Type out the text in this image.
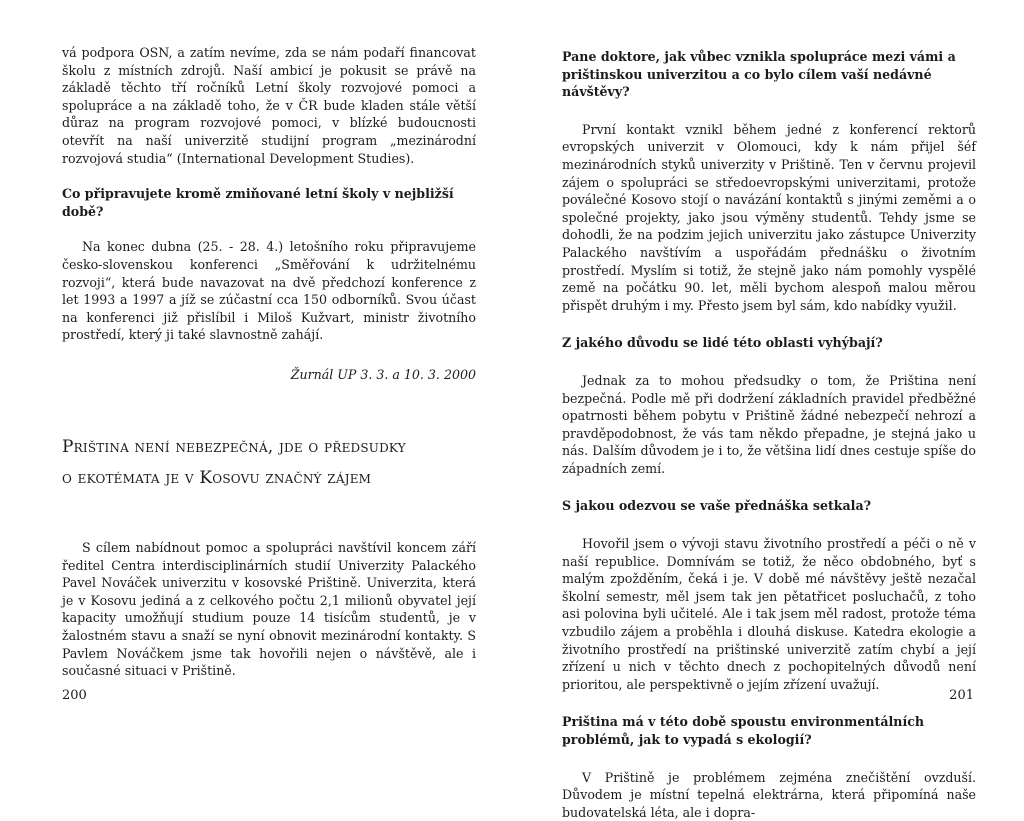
vá podpora OSN, a zatím nevíme, zda se nám podaří financovat školu z místních zdrojů. Naší ambicí je pokusit se právě na základě těchto tří ročníků Letní školy rozvojové pomoci a spolupráce a na základě toho, že v ČR bude kladen stále větší důraz na program rozvojové pomoci, v blízké budoucnosti otevřít na naší univerzitě studijní program „mezinárodní rozvojová studia“ (International Development Studies).

Co připravujete kromě zmiňované letní školy v nejbližší době?

Na konec dubna (25. - 28. 4.) letošního roku připravujeme česko-slovenskou konferenci „Směřování k udržitelnému rozvoji“, která bude navazovat na dvě předchozí konference z let 1993 a 1997 a jíž se zúčastní cca 150 odborníků. Svou účast na konferenci již přislíbil i Miloš Kužvart, ministr životního prostředí, který ji také slavnostně zahájí.

Žurnál UP 3. 3. a 10. 3. 2000
Priština není nebezpečná, jde o předsudky
o ekotémata je v Kosovu značný zájem

S cílem nabídnout pomoc a spolupráci navštívil koncem září ředitel Centra interdisciplinárních studií Univerzity Palackého Pavel Nováček univerzitu v kosovské Prištině. Univerzita, která je v Kosovu jediná a z celkového počtu 2,1 milionů obyvatel její kapacity umožňují studium pouze 14 tisícům studentů, je v žalostném stavu a snaží se nyní obnovit mezinárodní kontakty. S Pavlem Nováčkem jsme tak hovořili nejen o návštěvě, ale i současné situaci v Prištině.

200
Pane doktore, jak vůbec vznikla spolupráce mezi vámi a prištinskou univerzitou a co bylo cílem vaší nedávné návštěvy?

První kontakt vznikl během jedné z konferencí rektorů evropských univerzit v Olomouci, kdy k nám přijel šéf mezinárodních styků univerzity v Prištině. Ten v červnu projevil zájem o spolupráci se středoevropskými univerzitami, protože poválečné Kosovo stojí o navázání kontaktů s jinými zeměmi a o společné projekty, jako jsou výměny studentů. Tehdy jsme se dohodli, že na podzim jejich univerzitu jako zástupce Univerzity Palackého navštívím a uspořádám přednášku o životním prostředí. Myslím si totiž, že stejně jako nám pomohly vyspělé země na počátku 90. let, měli bychom alespoň malou měrou přispět druhým i my. Přesto jsem byl sám, kdo nabídky využil.

Z jakého důvodu se lidé této oblasti vyhýbají?

Jednak za to mohou předsudky o tom, že Priština není bezpečná. Podle mě při dodržení základních pravidel předběžné opatrnosti během pobytu v Prištině žádné nebezpečí nehrozí a pravděpodobnost, že vás tam někdo přepadne, je stejná jako u nás. Dalším důvodem je i to, že většina lidí dnes cestuje spíše do západních zemí.

S jakou odezvou se vaše přednáška setkala?

Hovořil jsem o vývoji stavu životního prostředí a péči o ně v naší republice. Domnívám se totiž, že něco obdobného, byť s malým zpožděním, čeká i je. V době mé návštěvy ještě nezačal školní semestr, měl jsem tak jen pětatřicet posluchačů, z toho asi polovina byli učitelé. Ale i tak jsem měl radost, protože téma vzbudilo zájem a proběhla i dlouhá diskuse. Katedra ekologie a životního prostředí na prištinské univerzitě zatím chybí a její zřízení u nich v těchto dnech z pochopitelných důvodů není prioritou, ale perspektivně o jejím zřízení uvažují.

Priština má v této době spoustu environmentálních problémů, jak to vypadá s ekologií?

V Prištině je problémem zejména znečištění ovzduší. Důvodem je místní tepelná elektrárna, která připomíná naše budovatelská léta, ale i dopra-

201
